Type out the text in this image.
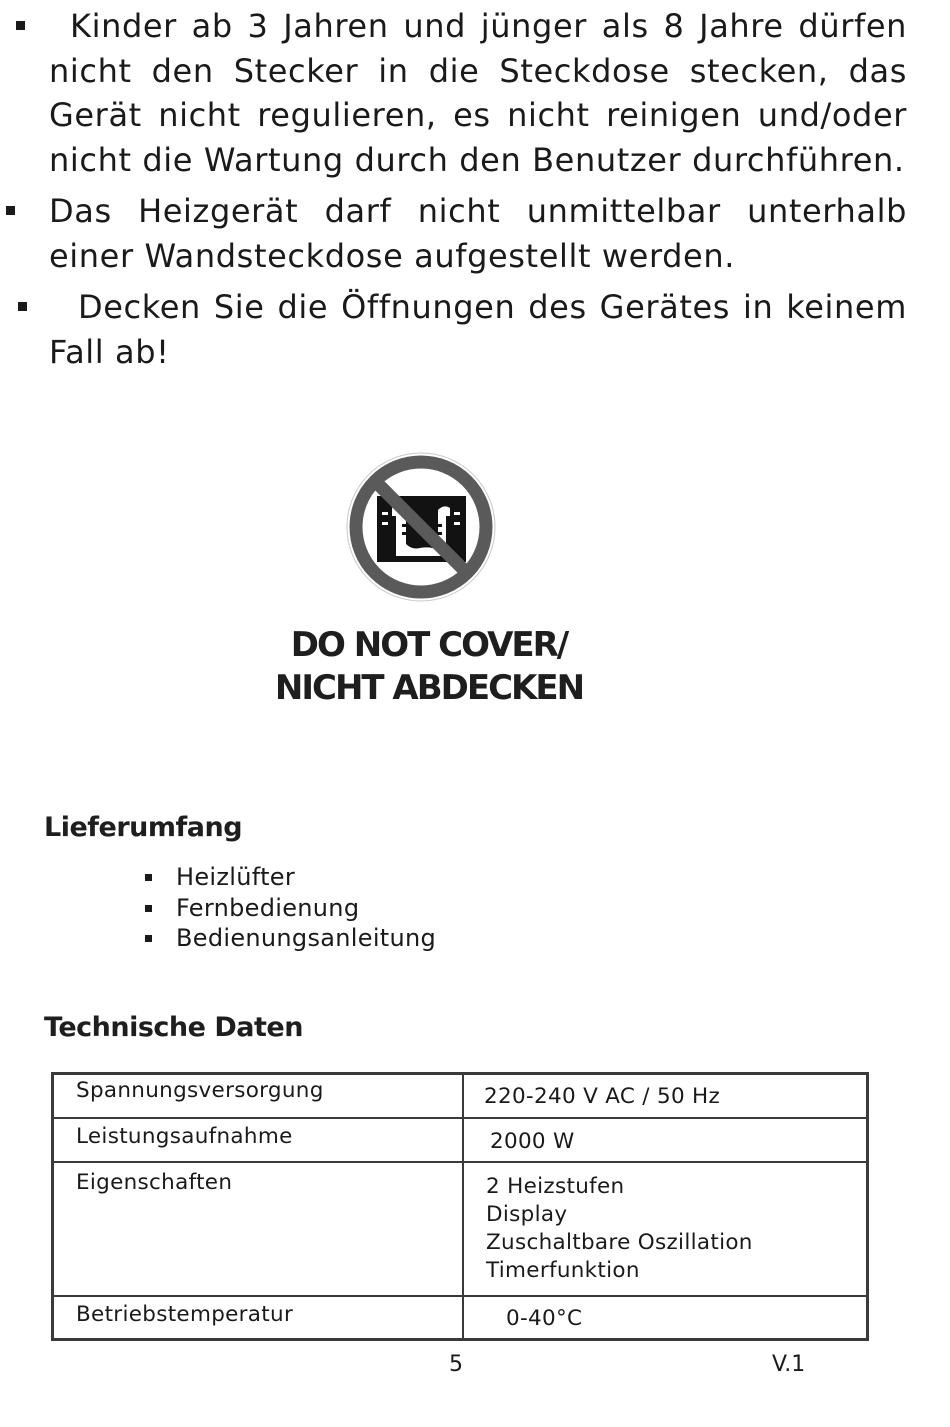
Kinder ab 3 Jahren und jünger als 8 Jahre dürfen nicht den Stecker in die Steckdose stecken, das Gerät nicht regulieren, es nicht reinigen und/oder nicht die Wartung durch den Benutzer durchführen.
Das Heizgerät darf nicht unmittelbar unterhalb einer Wandsteckdose aufgestellt werden.
Decken Sie die Öffnungen des Gerätes in keinem Fall ab!
DO NOT COVER/
NICHT ABDECKEN
Lieferumfang
Heizlüfter
Fernbedienung
Bedienungsanleitung
Technische Daten
Spannungsversorgung	220-240 V AC / 50 Hz
Leistungsaufnahme	2000 W
Eigenschaften	2 Heizstufen
Display
Zuschaltbare Oszillation
Timerfunktion

Betriebstemperatur	0-40°C
5	V.1
